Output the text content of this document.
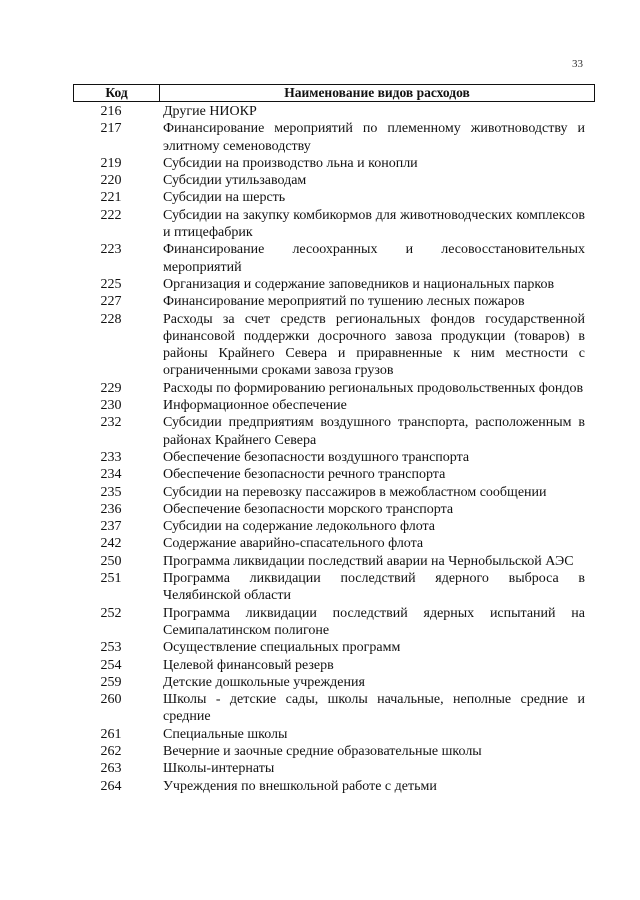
33
Код	Наименование видов расходов
216	Другие НИОКР
217	Финансирование мероприятий по племенному животноводству и элитному семеноводству
219	Субсидии на производство льна и конопли
220	Субсидии утильзаводам
221	Субсидии на шерсть
222	Субсидии на закупку комбикормов для животноводческих комплексов и птицефабрик
223	Финансирование лесоохранных и лесовосстановительных мероприятий
225	Организация и содержание заповедников и национальных парков
227	Финансирование мероприятий по тушению лесных пожаров
228	Расходы за счет средств региональных фондов государственной финансовой поддержки досрочного завоза продукции (товаров) в районы Крайнего Севера и приравненные к ним местности с ограниченными сроками завоза грузов
229	Расходы по формированию региональных продовольственных фондов
230	Информационное обеспечение
232	Субсидии предприятиям воздушного транспорта, расположенным в районах Крайнего Севера
233	Обеспечение безопасности воздушного транспорта
234	Обеспечение безопасности речного транспорта
235	Субсидии на перевозку пассажиров в межобластном сообщении
236	Обеспечение безопасности морского транспорта
237	Субсидии на содержание ледокольного флота
242	Содержание аварийно-спасательного флота
250	Программа ликвидации последствий аварии на Чернобыльской АЭС
251	Программа ликвидации последствий ядерного выброса в Челябинской области
252	Программа ликвидации последствий ядерных испытаний на Семипалатинском полигоне
253	Осуществление специальных программ
254	Целевой финансовый резерв
259	Детские дошкольные учреждения
260	Школы - детские сады, школы начальные, неполные средние и средние
261	Специальные школы
262	Вечерние и заочные средние образовательные школы
263	Школы-интернаты
264	Учреждения по внешкольной работе с детьми
